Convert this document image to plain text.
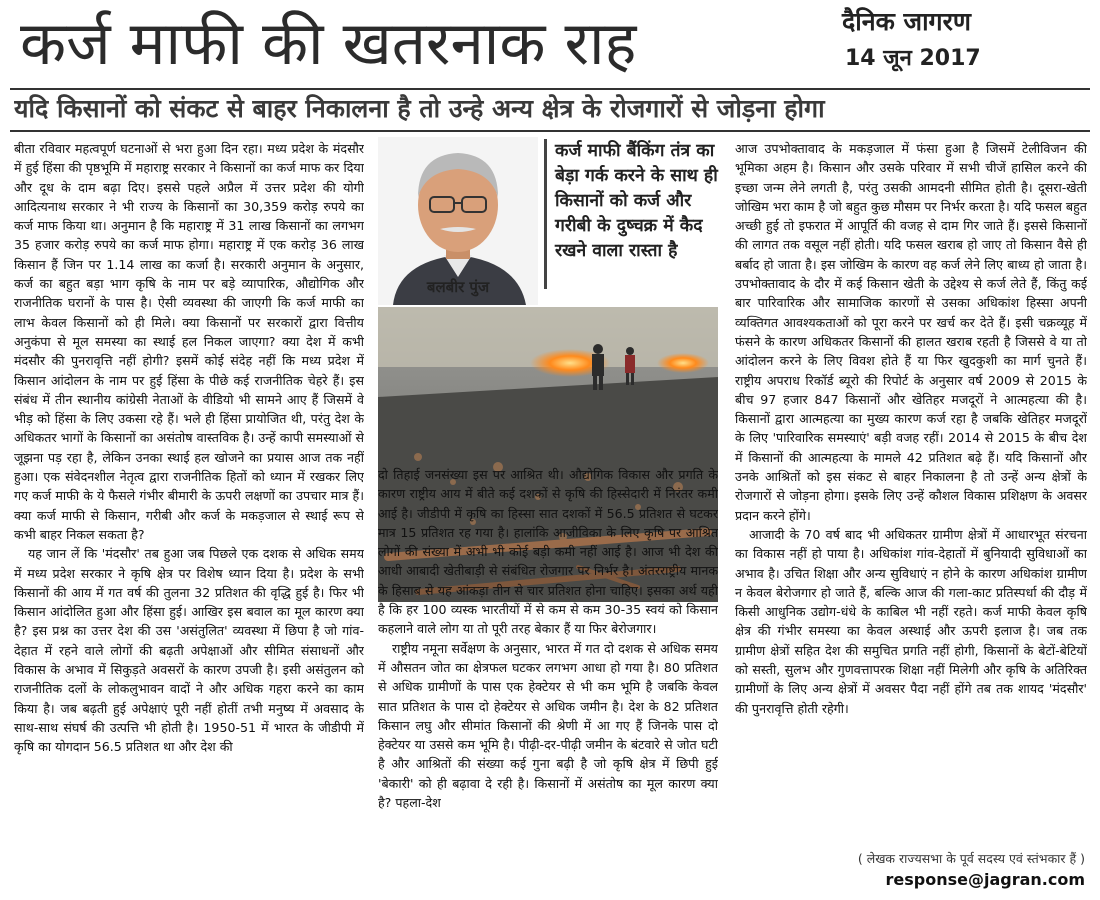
कर्ज माफी की खतरनाक राह	दैनिक जागरण
14 जून 2017
यदि किसानों को संकट से बाहर निकालना है तो उन्हे अन्य क्षेत्र के रोजगारों से जोड़ना होगा

बीता रविवार महत्वपूर्ण घटनाओं से भरा हुआ दिन रहा। मध्य प्रदेश के मंदसौर में हुई हिंसा की पृष्ठभूमि में महाराष्ट्र सरकार ने किसानों का कर्ज माफ कर दिया और दूध के दाम बढ़ा दिए। इससे पहले अप्रैल में उत्तर प्रदेश की योगी आदित्यनाथ सरकार ने भी राज्य के किसानों का 30,359 करोड़ रुपये का कर्ज माफ किया था। अनुमान है कि महाराष्ट्र में 31 लाख किसानों का लगभग 35 हजार करोड़ रुपये का कर्ज माफ होगा। महाराष्ट्र में एक करोड़ 36 लाख किसान हैं जिन पर 1.14 लाख का कर्जा है। सरकारी अनुमान के अनुसार, कर्ज का बहुत बड़ा भाग कृषि के नाम पर बड़े व्यापारिक, औद्योगिक और राजनीतिक घरानों के पास है। ऐसी व्यवस्था की जाएगी कि कर्ज माफी का लाभ केवल किसानों को ही मिले। क्या किसानों पर सरकारों द्वारा वित्तीय अनुकंपा से मूल समस्या का स्थाई हल निकल जाएगा? क्या देश में कभी मंदसौर की पुनरावृत्ति नहीं होगी? इसमें कोई संदेह नहीं कि मध्य प्रदेश में किसान आंदोलन के नाम पर हुई हिंसा के पीछे कई राजनीतिक चेहरे हैं। इस संबंध में तीन स्थानीय कांग्रेसी नेताओं के वीडियो भी सामने आए हैं जिसमें वे भीड़ को हिंसा के लिए उकसा रहे हैं। भले ही हिंसा प्रायोजित थी, परंतु देश के अधिकतर भागों के किसानों का असंतोष वास्तविक है। उन्हें कापी समस्याओं से जूझना पड़ रहा है, लेकिन उनका स्थाई हल खोजने का प्रयास आज तक नहीं हुआ। एक संवेदनशील नेतृत्व द्वारा राजनीतिक हितों को ध्यान में रखकर लिए गए कर्ज माफी के ये फैसले गंभीर बीमारी के ऊपरी लक्षणों का उपचार मात्र हैं। क्या कर्ज माफी से किसान, गरीबी और कर्ज के मकड़जाल से स्थाई रूप से कभी बाहर निकल सकता है?

यह जान लें कि 'मंदसौर' तब हुआ जब पिछले एक दशक से अधिक समय में मध्य प्रदेश सरकार ने कृषि क्षेत्र पर विशेष ध्यान दिया है। प्रदेश के सभी किसानों की आय में गत वर्ष की तुलना 32 प्रतिशत की वृद्धि हुई है। फिर भी किसान आंदोलित हुआ और हिंसा हुई। आखिर इस बवाल का मूल कारण क्या है? इस प्रश्न का उत्तर देश की उस 'असंतुलित' व्यवस्था में छिपा है जो गांव-देहात में रहने वाले लोगों की बढ़ती अपेक्षाओं और सीमित संसाधनों और विकास के अभाव में सिकुड़ते अवसरों के कारण उपजी है। इसी असंतुलन को राजनीतिक दलों के लोकलुभावन वादों ने और अधिक गहरा करने का काम किया है। जब बढ़ती हुई अपेक्षाएं पूरी नहीं होतीं तभी मनुष्य में अवसाद के साथ-साथ संघर्ष की उत्पत्ति भी होती है। 1950-51 में भारत के जीडीपी में कृषि का योगदान 56.5 प्रतिशत था और देश की

बलबीर पुंज
कर्ज माफी बैंकिंग तंत्र का बेड़ा गर्क करने के साथ ही किसानों को कर्ज और गरीबी के दुष्चक्र में कैद रखने वाला रास्ता है

दो तिहाई जनसंख्या इस पर आश्रित थी। औद्योगिक विकास और प्रगति के कारण राष्ट्रीय आय में बीते कई दशकों से कृषि की हिस्सेदारी में निरंतर कमी आई है। जीडीपी में कृषि का हिस्सा सात दशकों में 56.5 प्रतिशत से घटकर मात्र 15 प्रतिशत रह गया है। हालांकि आजीविका के लिए कृषि पर आश्रित लोगों की संख्या में अभी भी कोई बड़ी कमी नहीं आई है। आज भी देश की आधी आबादी खेतीबाड़ी से संबंधित रोजगार पर निर्भर है। अंतरराष्ट्रीय मानक के हिसाब से यह आंकड़ा तीन से चार प्रतिशत होना चाहिए। इसका अर्थ यही है कि हर 100 व्यस्क भारतीयों में से कम से कम 30-35 स्वयं को किसान कहलाने वाले लोग या तो पूरी तरह बेकार हैं या फिर बेरोजगार।

राष्ट्रीय नमूना सर्वेक्षण के अनुसार, भारत में गत दो दशक से अधिक समय में औसतन जोत का क्षेत्रफल घटकर लगभग आधा हो गया है। 80 प्रतिशत से अधिक ग्रामीणों के पास एक हेक्टेयर से भी कम भूमि है जबकि केवल सात प्रतिशत के पास दो हेक्टेयर से अधिक जमीन है। देश के 82 प्रतिशत किसान लघु और सीमांत किसानों की श्रेणी में आ गए हैं जिनके पास दो हेक्टेयर या उससे कम भूमि है। पीढ़ी-दर-पीढ़ी जमीन के बंटवारे से जोत घटी है और आश्रितों की संख्या कई गुना बढ़ी है जो कृषि क्षेत्र में छिपी हुई 'बेकारी' को ही बढ़ावा दे रही है। किसानों में असंतोष का मूल कारण क्या है? पहला-देश

आज उपभोक्तावाद के मकड़जाल में फंसा हुआ है जिसमें टेलीविजन की भूमिका अहम है। किसान और उसके परिवार में सभी चीजें हासिल करने की इच्छा जन्म लेने लगती है, परंतु उसकी आमदनी सीमित होती है। दूसरा-खेती जोखिम भरा काम है जो बहुत कुछ मौसम पर निर्भर करता है। यदि फसल बहुत अच्छी हुई तो इफरात में आपूर्ति की वजह से दाम गिर जाते हैं। इससे किसानों की लागत तक वसूल नहीं होती। यदि फसल खराब हो जाए तो किसान वैसे ही बर्बाद हो जाता है। इस जोखिम के कारण वह कर्ज लेने लिए बाध्य हो जाता है। उपभोक्तावाद के दौर में कई किसान खेती के उद्देश्य से कर्ज लेते हैं, किंतु कई बार पारिवारिक और सामाजिक कारणों से उसका अधिकांश हिस्सा अपनी व्यक्तिगत आवश्यकताओं को पूरा करने पर खर्च कर देते हैं। इसी चक्रव्यूह में फंसने के कारण अधिकतर किसानों की हालत खराब रहती है जिससे वे या तो आंदोलन करने के लिए विवश होते हैं या फिर खुदकुशी का मार्ग चुनते हैं। राष्ट्रीय अपराध रिकॉर्ड ब्यूरो की रिपोर्ट के अनुसार वर्ष 2009 से 2015 के बीच 97 हजार 847 किसानों और खेतिहर मजदूरों ने आत्महत्या की है। किसानों द्वारा आत्महत्या का मुख्य कारण कर्ज रहा है जबकि खेतिहर मजदूरों के लिए 'पारिवारिक समस्याएं' बड़ी वजह रहीं। 2014 से 2015 के बीच देश में किसानों की आत्महत्या के मामले 42 प्रतिशत बढ़े हैं। यदि किसानों और उनके आश्रितों को इस संकट से बाहर निकालना है तो उन्हें अन्य क्षेत्रों के रोजगारों से जोड़ना होगा। इसके लिए उन्हें कौशल विकास प्रशिक्षण के अवसर प्रदान करने होंगे।

आजादी के 70 वर्ष बाद भी अधिकतर ग्रामीण क्षेत्रों में आधारभूत संरचना का विकास नहीं हो पाया है। अधिकांश गांव-देहातों में बुनियादी सुविधाओं का अभाव है। उचित शिक्षा और अन्य सुविधाएं न होने के कारण अधिकांश ग्रामीण न केवल बेरोजगार हो जाते हैं, बल्कि आज की गला-काट प्रतिस्पर्धा की दौड़ में किसी आधुनिक उद्योग-धंधे के काबिल भी नहीं रहते। कर्ज माफी केवल कृषि क्षेत्र की गंभीर समस्या का केवल अस्थाई और ऊपरी इलाज है। जब तक ग्रामीण क्षेत्रों सहित देश की समुचित प्रगति नहीं होगी, किसानों के बेटों-बेटियों को सस्ती, सुलभ और गुणवत्तापरक शिक्षा नहीं मिलेगी और कृषि के अतिरिक्त ग्रामीणों के लिए अन्य क्षेत्रों में अवसर पैदा नहीं होंगे तब तक शायद 'मंदसौर' की पुनरावृत्ति होती रहेगी।

( लेखक राज्यसभा के पूर्व सदस्य एवं स्तंभकार हैं )
response@jagran.com
